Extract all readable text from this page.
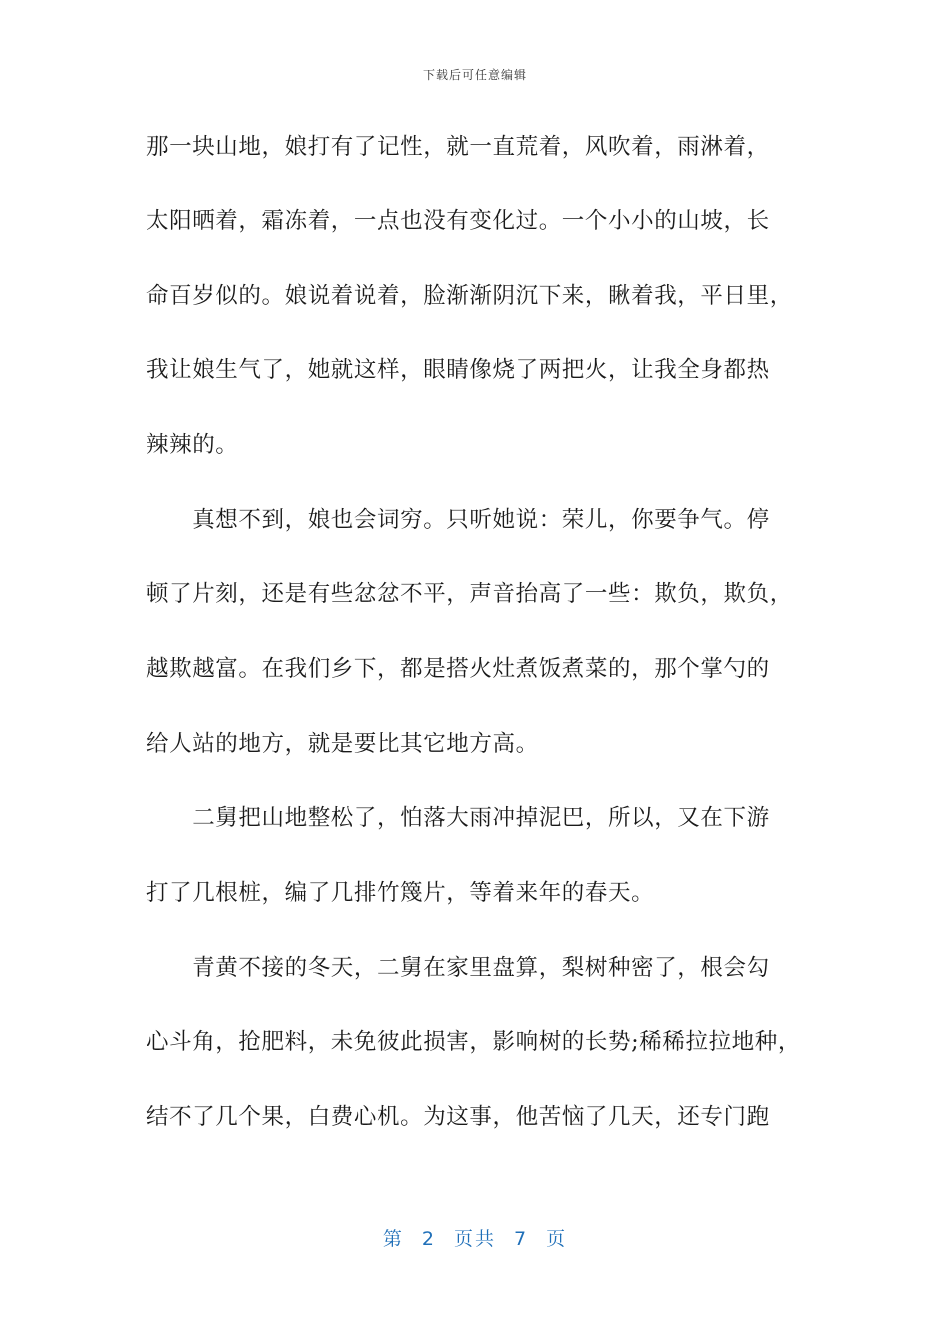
下载后可任意编辑
那一块山地，娘打有了记性，就一直荒着，风吹着，雨淋着，
太阳晒着，霜冻着，一点也没有变化过。一个小小的山坡，长
命百岁似的。娘说着说着，脸渐渐阴沉下来，瞅着我，平日里，
我让娘生气了，她就这样，眼睛像烧了两把火，让我全身都热
辣辣的。
　　真想不到，娘也会词穷。只听她说：荣儿，你要争气。停
顿了片刻，还是有些忿忿不平，声音抬高了一些：欺负，欺负，
越欺越富。在我们乡下，都是搭火灶煮饭煮菜的，那个掌勺的
给人站的地方，就是要比其它地方高。
　　二舅把山地整松了，怕落大雨冲掉泥巴，所以，又在下游
打了几根桩，编了几排竹篾片，等着来年的春天。
　　青黄不接的冬天，二舅在家里盘算，梨树种密了，根会勾
心斗角，抢肥料，未免彼此损害，影响树的长势;稀稀拉拉地种，
结不了几个果，白费心机。为这事，他苦恼了几天，还专门跑
第 2 页共 7 页
